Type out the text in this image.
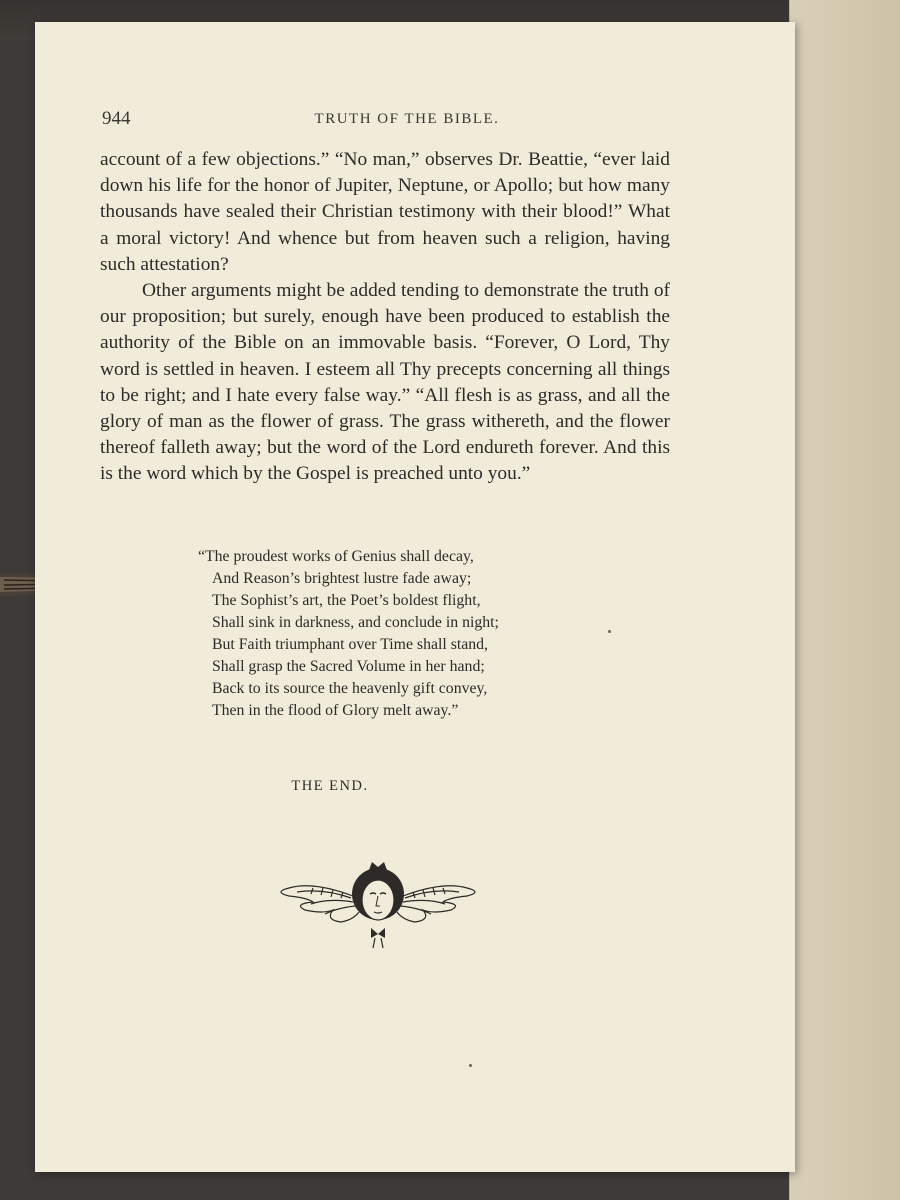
944	TRUTH OF THE BIBLE.

account of a few objections.” “No man,” observes Dr. Beattie, “ever laid down his life for the honor of Jupiter, Neptune, or Apollo; but how many thousands have sealed their Christian testimony with their blood!” What a moral victory! And whence but from heaven such a religion, having such attestation?

Other arguments might be added tending to demonstrate the truth of our proposition; but surely, enough have been produced to establish the authority of the Bible on an immovable basis. “Forever, O Lord, Thy word is settled in heaven. I esteem all Thy precepts concerning all things to be right; and I hate every false way.” “All flesh is as grass, and all the glory of man as the flower of grass. The grass withereth, and the flower thereof falleth away; but the word of the Lord endureth forever. And this is the word which by the Gospel is preached unto you.”

“The proudest works of Genius shall decay,
And Reason’s brightest lustre fade away;
The Sophist’s art, the Poet’s boldest flight,
Shall sink in darkness, and conclude in night;
But Faith triumphant over Time shall stand,
Shall grasp the Sacred Volume in her hand;
Back to its source the heavenly gift convey,
Then in the flood of Glory melt away.”
THE END.
